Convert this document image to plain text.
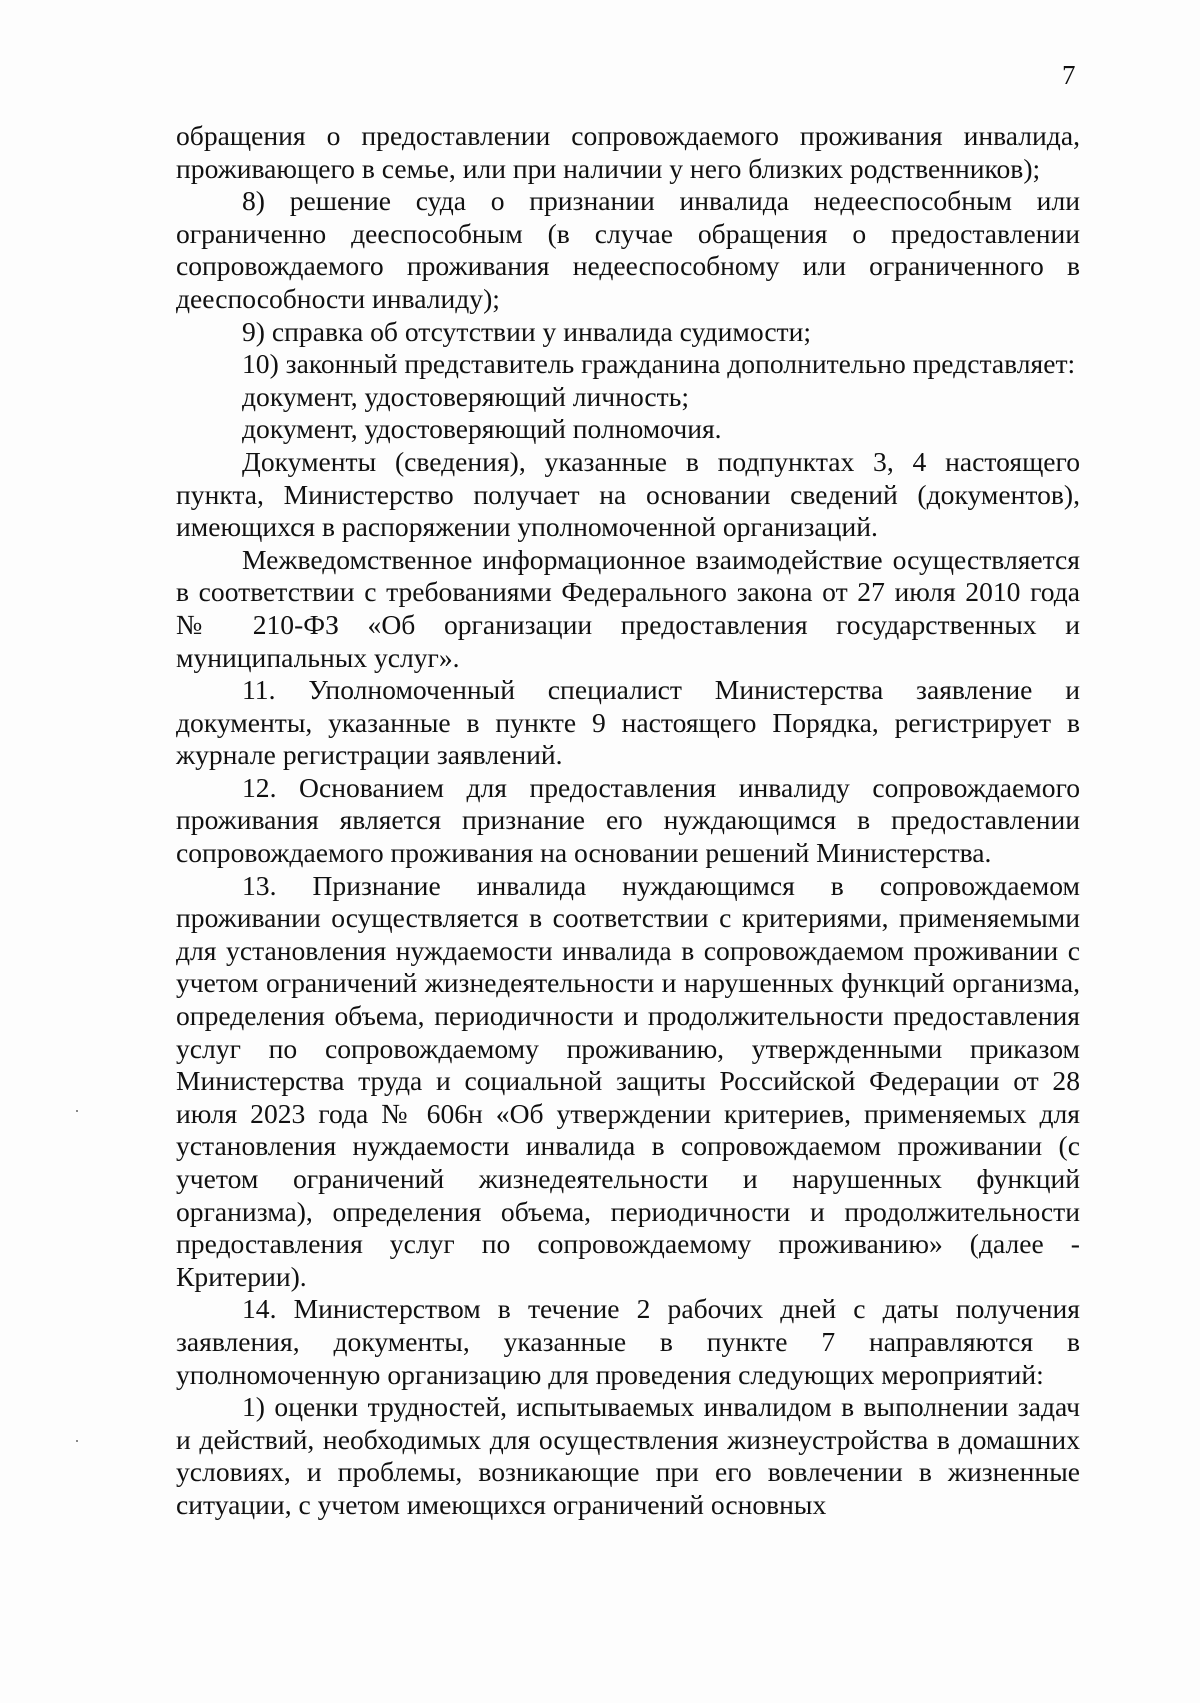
7

обращения о предоставлении сопровождаемого проживания инвалида, проживающего в семье, или при наличии у него близких родственников);

8) решение суда о признании инвалида недееспособным или ограниченно дееспособным (в случае обращения о предоставлении сопровождаемого проживания недееспособному или ограниченного в дееспособности инвалиду);

9) справка об отсутствии у инвалида судимости;

10) законный представитель гражданина дополнительно представляет:

документ, удостоверяющий личность;

документ, удостоверяющий полномочия.

Документы (сведения), указанные в подпунктах 3, 4 настоящего пункта, Министерство получает на основании сведений (документов), имеющихся в распоряжении уполномоченной организаций.

Межведомственное информационное взаимодействие осуществляется в соответствии с требованиями Федерального закона от 27 июля 2010 года № 210-ФЗ «Об организации предоставления государственных и муниципальных услуг».

11. Уполномоченный специалист Министерства заявление и документы, указанные в пункте 9 настоящего Порядка, регистрирует в журнале регистрации заявлений.

12. Основанием для предоставления инвалиду сопровождаемого проживания является признание его нуждающимся в предоставлении сопровождаемого проживания на основании решений Министерства.

13. Признание инвалида нуждающимся в сопровождаемом проживании осуществляется в соответствии с критериями, применяемыми для установления нуждаемости инвалида в сопровождаемом проживании с учетом ограничений жизнедеятельности и нарушенных функций организма, определения объема, периодичности и продолжительности предоставления услуг по сопровождаемому проживанию, утвержденными приказом Министерства труда и социальной защиты Российской Федерации от 28 июля 2023 года № 606н «Об утверждении критериев, применяемых для установления нуждаемости инвалида в сопровождаемом проживании (с учетом ограничений жизнедеятельности и нарушенных функций организма), определения объема, периодичности и продолжительности предоставления услуг по сопровождаемому проживанию» (далее - Критерии).

14. Министерством в течение 2 рабочих дней с даты получения заявления, документы, указанные в пункте 7 направляются в уполномоченную организацию для проведения следующих мероприятий:

1) оценки трудностей, испытываемых инвалидом в выполнении задач и действий, необходимых для осуществления жизнеустройства в домашних условиях, и проблемы, возникающие при его вовлечении в жизненные ситуации, с учетом имеющихся ограничений основных
